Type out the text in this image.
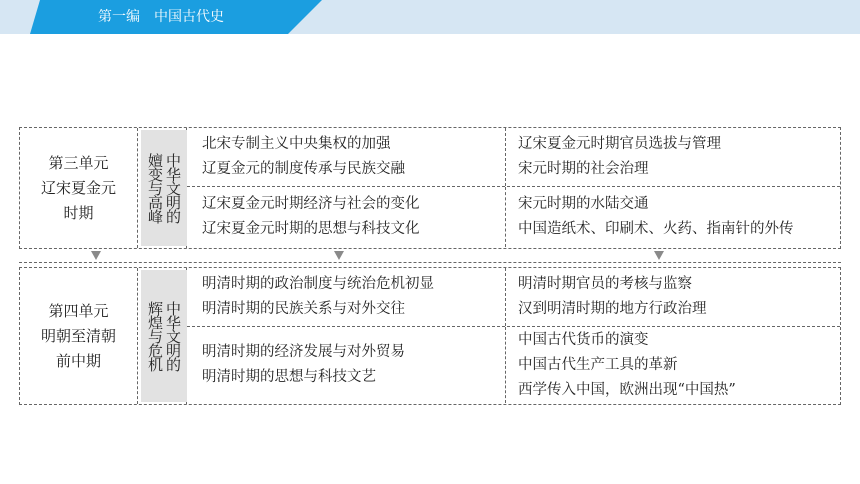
第一编　中国古代史
第三单元
辽宋夏金元
时期	中华文明的
嬗变与高峰
北宋专制主义中央集权的加强
辽夏金元的制度传承与民族交融
辽宋夏金元时期官员选拔与管理
宋元时期的社会治理
辽宋夏金元时期经济与社会的变化
辽宋夏金元时期的思想与科技文化
宋元时期的水陆交通
中国造纸术、印刷术、火药、指南针的外传
第四单元
明朝至清朝
前中期	中华文明的
辉煌与危机
明清时期的政治制度与统治危机初显
明清时期的民族关系与对外交往
明清时期官员的考核与监察
汉到明清时期的地方行政治理
明清时期的经济发展与对外贸易
明清时期的思想与科技文艺
中国古代货币的演变
中国古代生产工具的革新
西学传入中国，欧洲出现“中国热”
